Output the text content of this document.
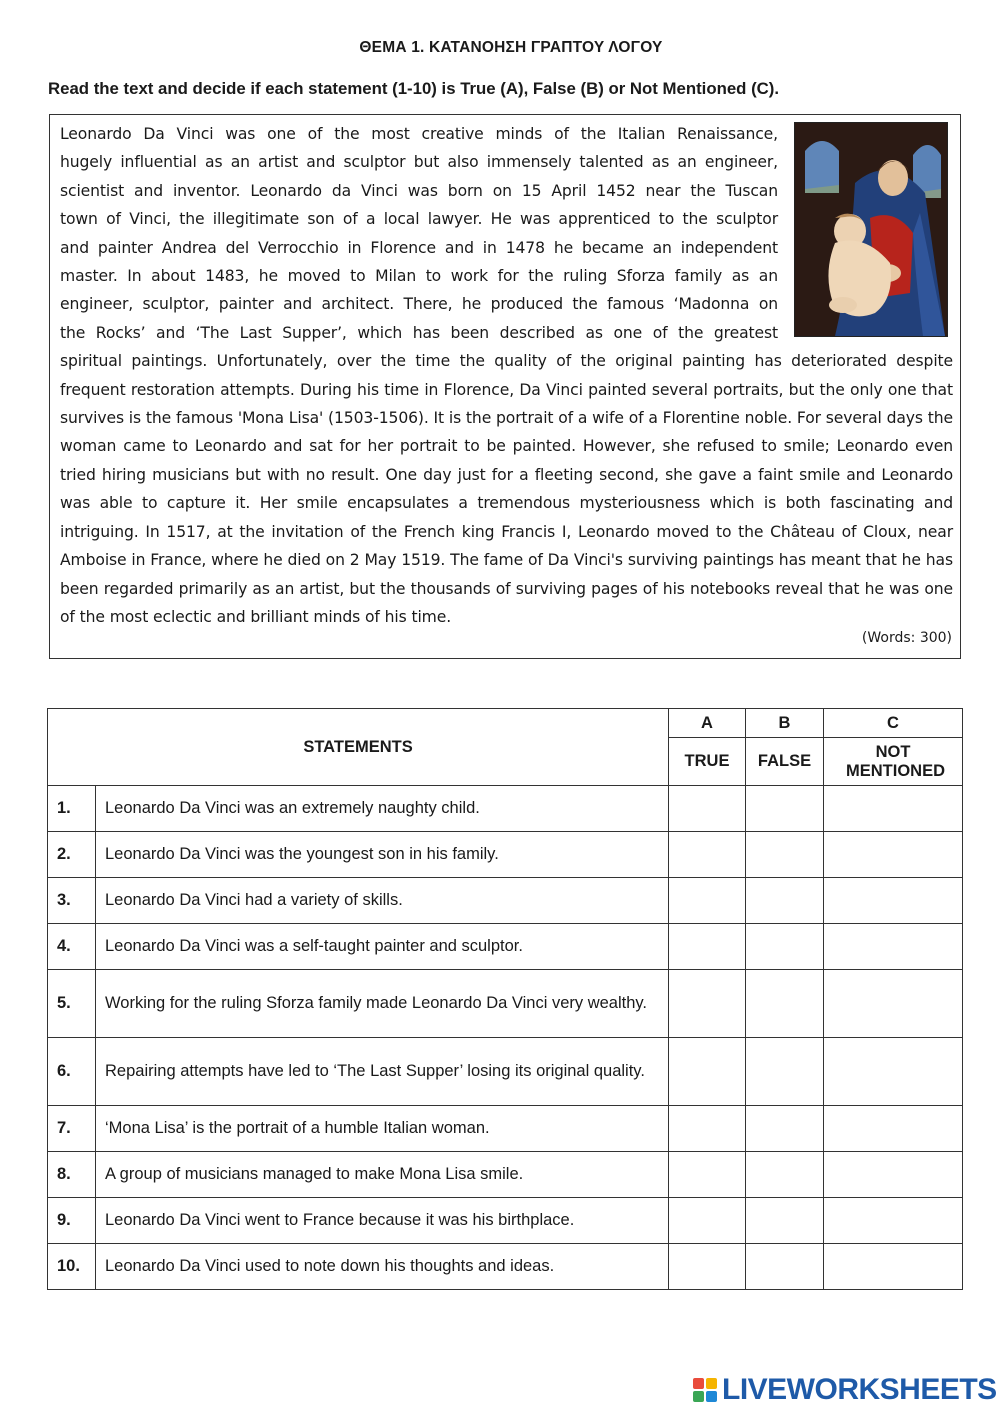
ΘΕΜΑ 1. ΚΑΤΑΝΟΗΣΗ ΓΡΑΠΤΟΥ ΛΟΓΟΥ
Read the text and decide if each statement (1-10) is True (A), False (B) or Not Mentioned (C).
Leonardo Da Vinci was one of the most creative minds of the Italian Renaissance,
hugely influential as an artist and sculptor but also immensely talented as an engineer,
scientist and inventor. Leonardo da Vinci was born on 15 April 1452 near the Tuscan
town of Vinci, the illegitimate son of a local lawyer. He was apprenticed to the sculptor
and painter Andrea del Verrocchio in Florence and in 1478 he became an independent
master. In about 1483, he moved to Milan to work for the ruling Sforza family as an
engineer, sculptor, painter and architect. There, he produced the famous ‘Madonna on
the Rocks’ and ‘The Last Supper’, which has been described as one of the greatest
spiritual paintings. Unfortunately, over the time the quality of the original painting has deteriorated despite frequent restoration attempts. During his time in Florence, Da Vinci painted several portraits, but the only one that survives is the famous 'Mona Lisa' (1503-1506). It is the portrait of a wife of a Florentine noble. For several days the woman came to Leonardo and sat for her portrait to be painted. However, she refused to smile; Leonardo even tried hiring musicians but with no result. One day just for a fleeting second, she gave a faint smile and Leonardo was able to capture it. Her smile encapsulates a tremendous mysteriousness which is both fascinating and intriguing. In 1517, at the invitation of the French king Francis I, Leonardo moved to the Château of Cloux, near Amboise in France, where he died on 2 May 1519. The fame of Da Vinci's surviving paintings has meant that he has been regarded primarily as an artist, but the thousands of surviving pages of his notebooks reveal that he was one of the most eclectic and brilliant minds of his time.
(Words: 300)
STATEMENTS		A	B	C
		TRUE	FALSE	NOT MENTIONED
1.	Leonardo Da Vinci was an extremely naughty child.			
2.	Leonardo Da Vinci was the youngest son in his family.			
3.	Leonardo Da Vinci had a variety of skills.			
4.	Leonardo Da Vinci was a self-taught painter and sculptor.			
5.	Working for the ruling Sforza family made Leonardo Da Vinci very wealthy.			
6.	Repairing attempts have led to ‘The Last Supper’ losing its original quality.			
7.	‘Mona Lisa’ is the portrait of a humble Italian woman.			
8.	A group of musicians managed to make Mona Lisa smile.			
9.	Leonardo Da Vinci went to France because it was his birthplace.			
10.	Leonardo Da Vinci used to note down his thoughts and ideas.			
LIVEWORKSHEETS
